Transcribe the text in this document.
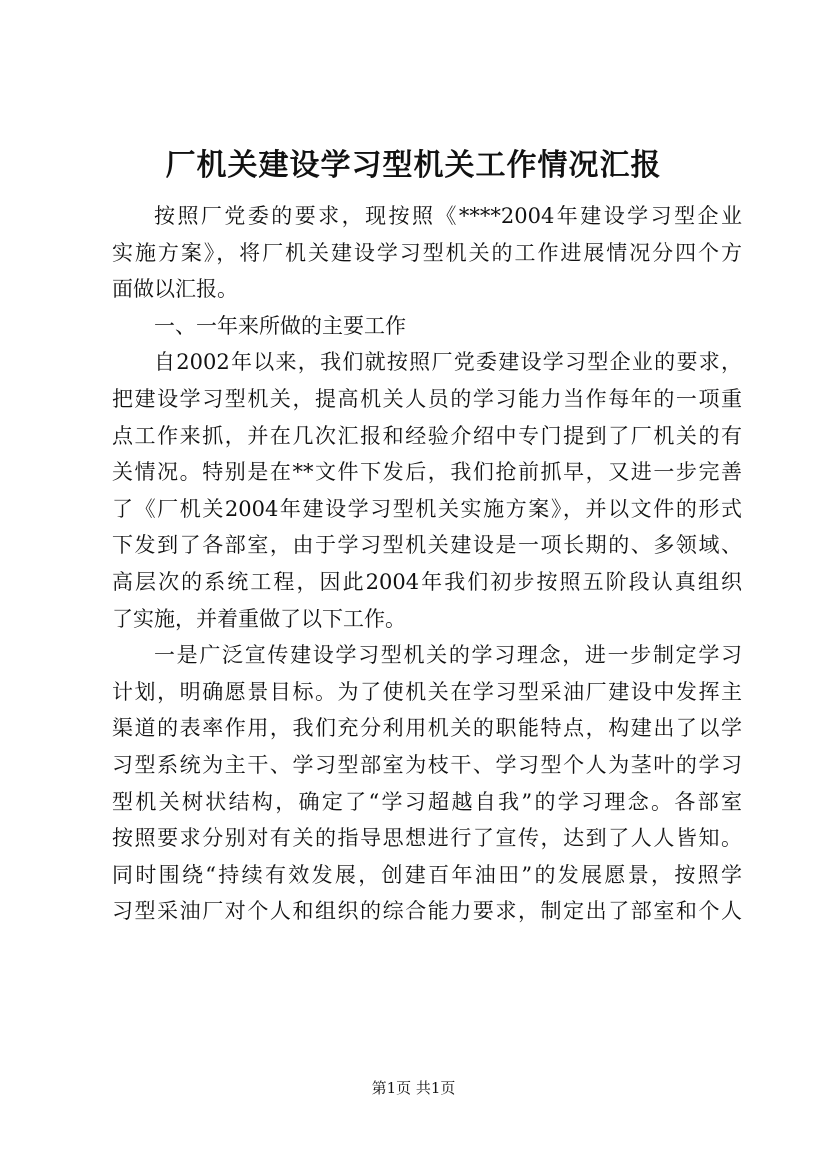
厂机关建设学习型机关工作情况汇报
按照厂党委的要求，现按照《****2004年建设学习型企业
实施方案》，将厂机关建设学习型机关的工作进展情况分四个方
面做以汇报。
一、一年来所做的主要工作
自2002年以来，我们就按照厂党委建设学习型企业的要求，
把建设学习型机关，提高机关人员的学习能力当作每年的一项重
点工作来抓，并在几次汇报和经验介绍中专门提到了厂机关的有
关情况。特别是在**文件下发后，我们抢前抓早，又进一步完善
了《厂机关2004年建设学习型机关实施方案》，并以文件的形式
下发到了各部室，由于学习型机关建设是一项长期的、多领域、
高层次的系统工程，因此2004年我们初步按照五阶段认真组织
了实施，并着重做了以下工作。
一是广泛宣传建设学习型机关的学习理念，进一步制定学习
计划，明确愿景目标。为了使机关在学习型采油厂建设中发挥主
渠道的表率作用，我们充分利用机关的职能特点，构建出了以学
习型系统为主干、学习型部室为枝干、学习型个人为茎叶的学习
型机关树状结构，确定了“学习超越自我”的学习理念。各部室
按照要求分别对有关的指导思想进行了宣传，达到了人人皆知。
同时围绕“持续有效发展，创建百年油田”的发展愿景，按照学
习型采油厂对个人和组织的综合能力要求，制定出了部室和个人
第1页 共1页
